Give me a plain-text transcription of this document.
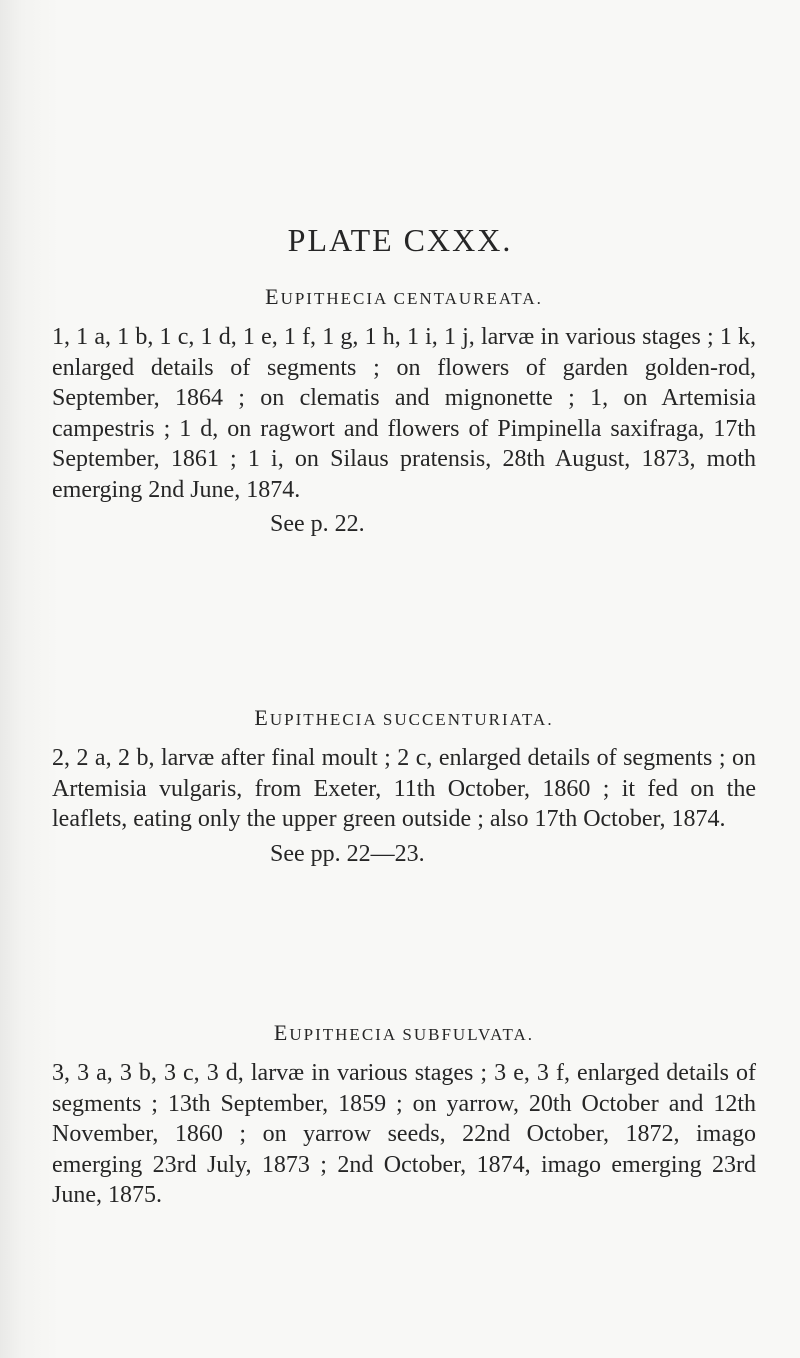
PLATE CXXX.
EUPITHECIA CENTAUREATA.

1, 1 a, 1 b, 1 c, 1 d, 1 e, 1 f, 1 g, 1 h, 1 i, 1 j, larvæ in various stages ; 1 k, enlarged details of segments ; on flowers of garden golden-rod, September, 1864 ; on clematis and mignonette ; 1, on Artemisia campestris ; 1 d, on ragwort and flowers of Pimpinella saxifraga, 17th September, 1861 ; 1 i, on Silaus pratensis, 28th August, 1873, moth emerging 2nd June, 1874.

See p. 22.

EUPITHECIA SUCCENTURIATA.

2, 2 a, 2 b, larvæ after final moult ; 2 c, enlarged details of segments ; on Artemisia vulgaris, from Exeter, 11th October, 1860 ; it fed on the leaflets, eating only the upper green outside ; also 17th October, 1874.

See pp. 22—23.

EUPITHECIA SUBFULVATA.

3, 3 a, 3 b, 3 c, 3 d, larvæ in various stages ; 3 e, 3 f, enlarged details of segments ; 13th September, 1859 ; on yarrow, 20th October and 12th November, 1860 ; on yarrow seeds, 22nd October, 1872, imago emerging 23rd July, 1873 ; 2nd October, 1874, imago emerging 23rd June, 1875.
